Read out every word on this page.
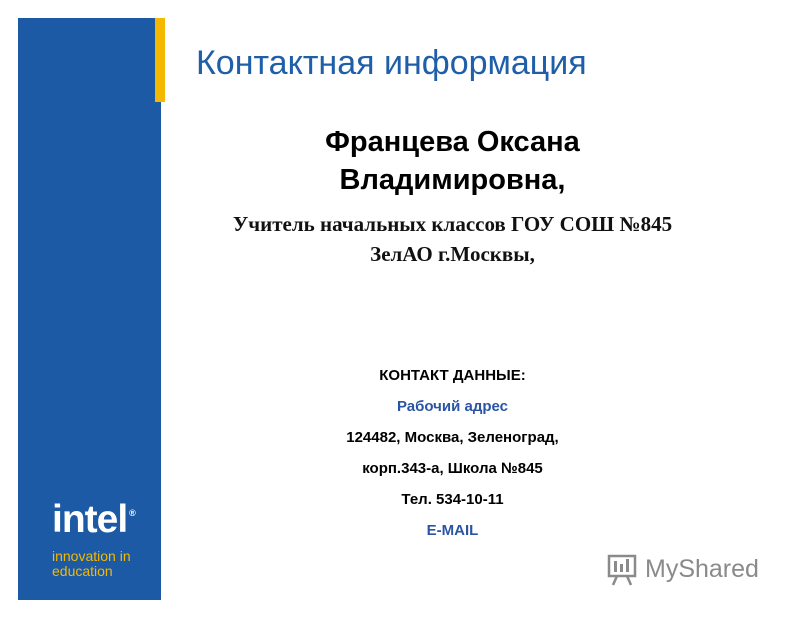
Контактная информация
Францева Оксана
Владимировна,
Учитель начальных классов ГОУ СОШ №845
ЗелАО г.Москвы,
КОНТАКТ ДАННЫЕ:
Рабочий адрес
124482, Москва, Зеленоград,
корп.343-а, Школа №845
Тел. 534-10-11
E-MAIL
intel ®
innovation in
education	MyShared
